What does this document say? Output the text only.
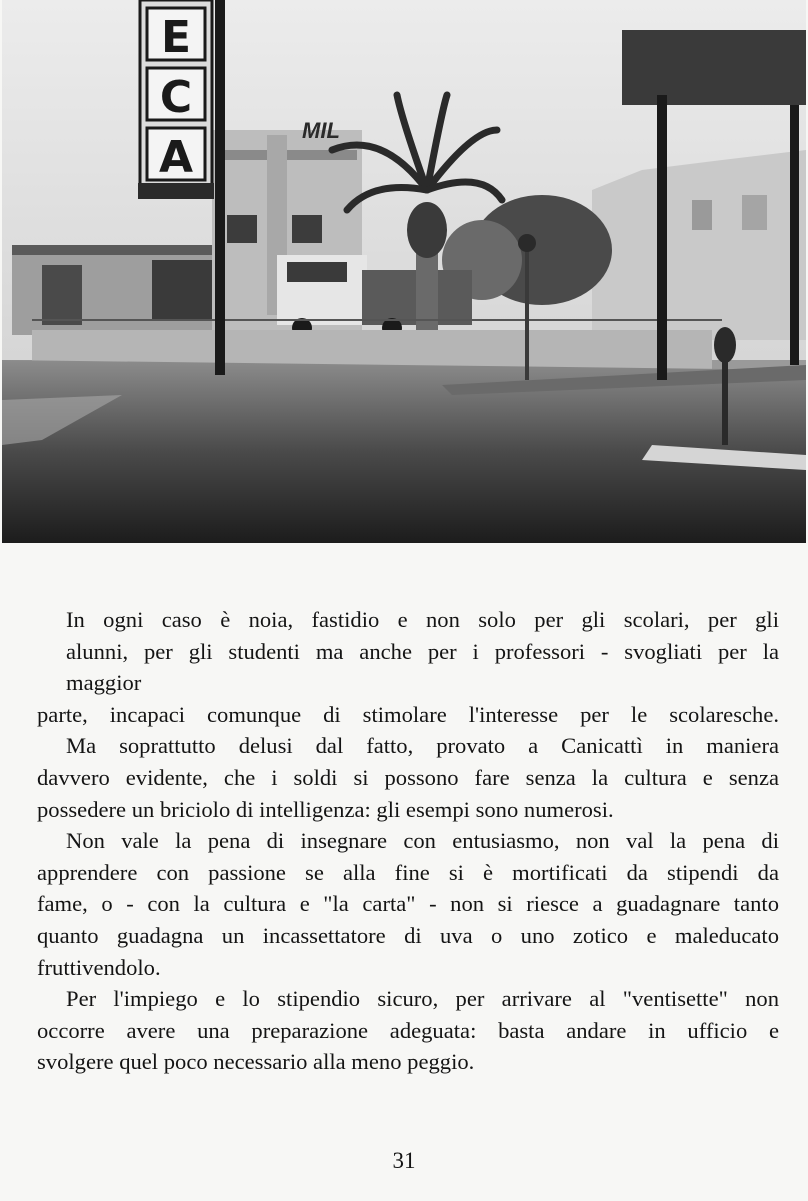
MIL
E
C
A

In ogni caso è noia, fastidio e non solo per gli scolari, per gli
alunni, per gli studenti ma anche per i professori - svogliati per la
maggior
parte, incapaci comunque di stimolare l'interesse per le scolaresche.

Ma soprattutto delusi dal fatto, provato a Canicattì in maniera
davvero evidente, che i soldi si possono fare senza la cultura e senza
possedere un briciolo di intelligenza: gli esempi sono numerosi.

Non vale la pena di insegnare con entusiasmo, non val la pena di
apprendere con passione se alla fine si è mortificati da stipendi da
fame, o - con la cultura e "la carta" - non si riesce a guadagnare tanto
quanto guadagna un incassettatore di uva o uno zotico e maleducato
fruttivendolo.

Per l'impiego e lo stipendio sicuro, per arrivare al "ventisette" non
occorre avere una preparazione adeguata: basta andare in ufficio e
svolgere quel poco necessario alla meno peggio.

31
